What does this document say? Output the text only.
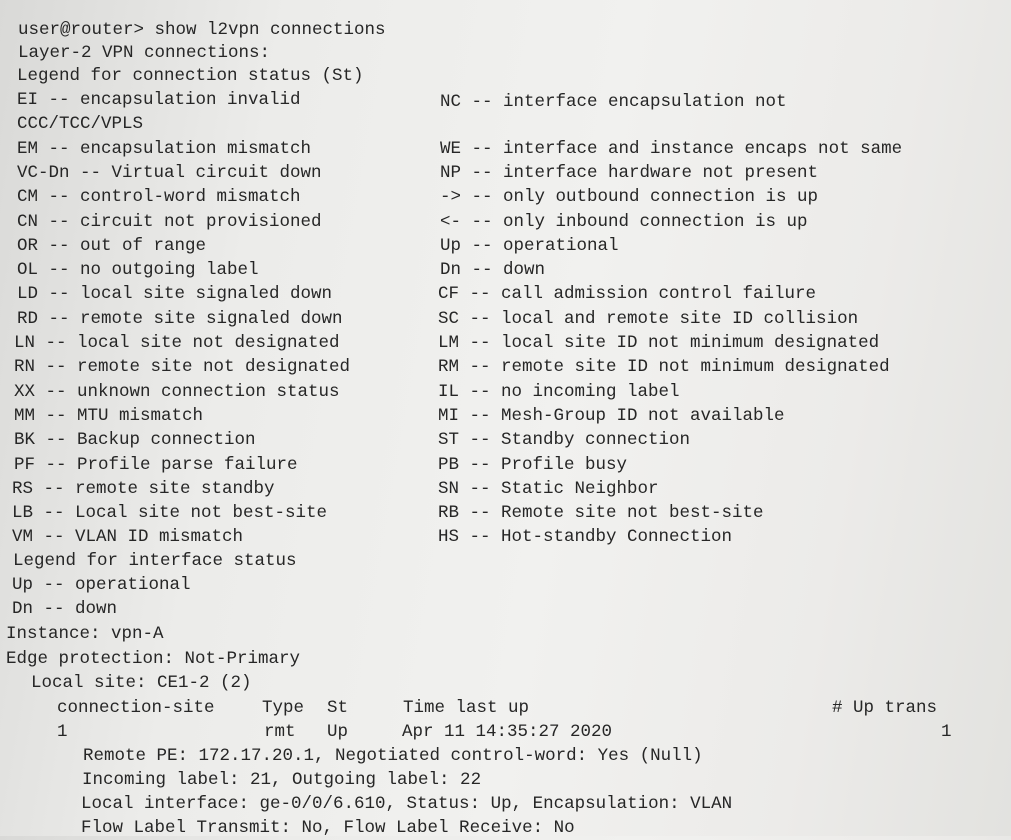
user@router> show l2vpn connections
Layer-2 VPN connections:
Legend for connection status (St)
EI -- encapsulation invalid	NC -- interface encapsulation not
CCC/TCC/VPLS
EM -- encapsulation mismatch	WE -- interface and instance encaps not same
VC-Dn -- Virtual circuit down	NP -- interface hardware not present
CM -- control-word mismatch	-> -- only outbound connection is up
CN -- circuit not provisioned	<- -- only inbound connection is up
OR -- out of range	Up -- operational
OL -- no outgoing label	Dn -- down
LD -- local site signaled down	CF -- call admission control failure
RD -- remote site signaled down	SC -- local and remote site ID collision
LN -- local site not designated	LM -- local site ID not minimum designated
RN -- remote site not designated	RM -- remote site ID not minimum designated
XX -- unknown connection status	IL -- no incoming label
MM -- MTU mismatch	MI -- Mesh-Group ID not available
BK -- Backup connection	ST -- Standby connection
PF -- Profile parse failure	PB -- Profile busy
RS -- remote site standby	SN -- Static Neighbor
LB -- Local site not best-site	RB -- Remote site not best-site
VM -- VLAN ID mismatch	HS -- Hot-standby Connection
Legend for interface status
Up -- operational
Dn -- down
Instance: vpn-A
Edge protection: Not-Primary
Local site: CE1-2 (2)
connection-site	Type St	Time last up	# Up trans
1	rmt Up	Apr 11 14:35:27 2020	1
Remote PE: 172.17.20.1, Negotiated control-word: Yes (Null)
Incoming label: 21, Outgoing label: 22
Local interface: ge-0/0/6.610, Status: Up, Encapsulation: VLAN
Flow Label Transmit: No, Flow Label Receive: No
